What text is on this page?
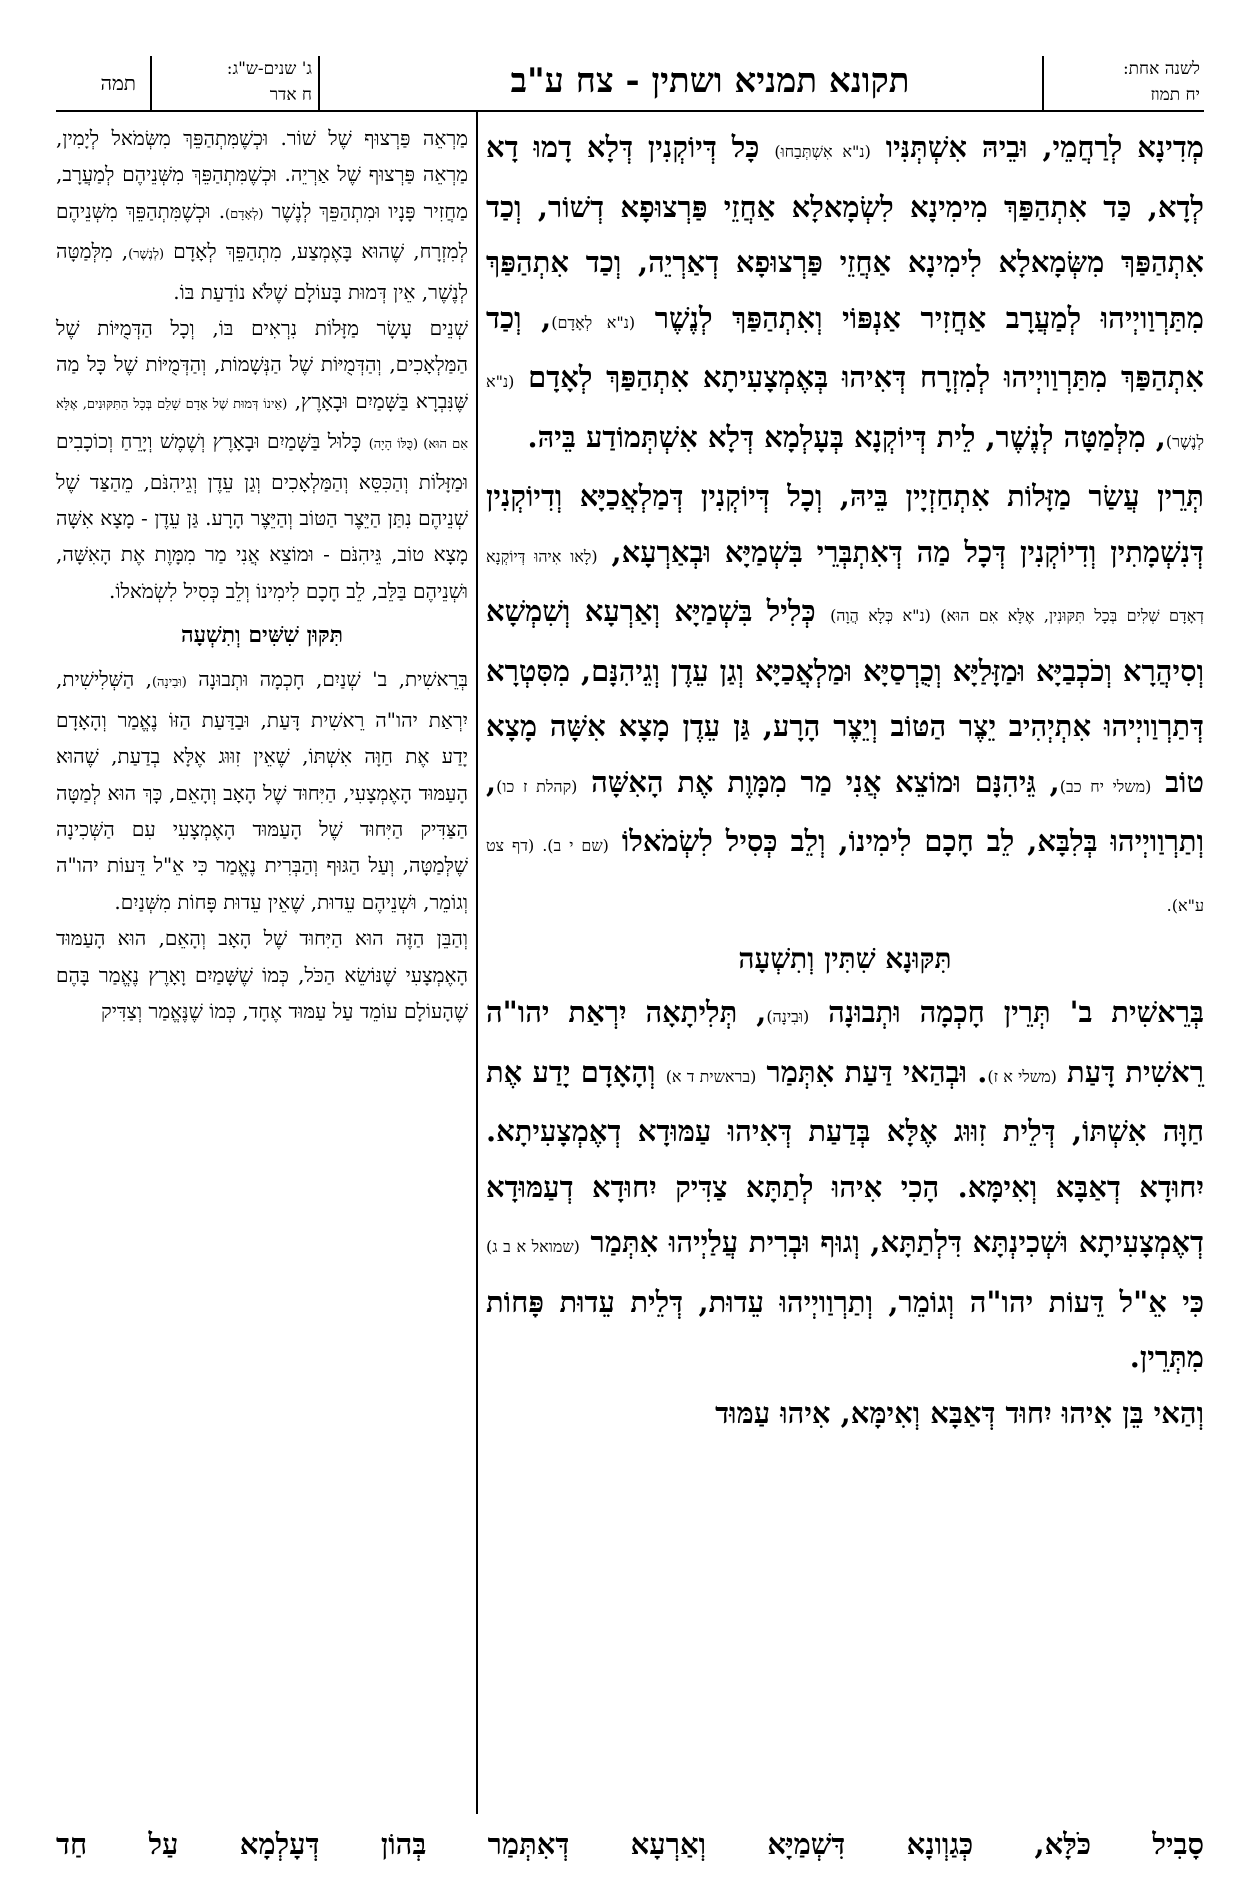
לשנה אחת:
יח תמוז
תקונא תמניא ושתין - צח ע"ב
ג' שנים-ש"ג:
ח אדר
תמה

מְדִינָא לְרַחֲמֵי, וּבֵיהּ אִשְׁתְּנִּיו (נ"א אִשְׁתְּבַחוּ) כָּל דְּיוֹקְנִין דְּלָא דָמוּ דָא לְדָא, כַּד אִתְהַפַּךְ מִימִינָא לִשְׂמָאלָא אַחֲזֵי פַּרְצוּפָא דְשׁוֹר, וְכַד אִתְהַפַּךְ מִשְּׂמָאלָא לִימִינָא אַחֲזֵי פַּרְצוּפָא דְאַרְיֵה, וְכַד אִתְהַפַּךְ מִתַּרְוַויְיהוּ לְמַעֲרָב אַחֲזִיר אַנְפּוֹי וְאִתְהַפַּךְ לְנֶשֶׁר (נ"א לְאָדָם), וְכַד אִתְהַפַּךְ מִתַּרְוַויְיהוּ לְמִזְרָח דְּאִיהוּ בְּאֶמְצָעִיתָא אִתְהַפַּךְ לְאָדָם (נ"א לְנֶשֶׁר), מִלְּמַטָּה לְנֶשֶׁר, לֵית דְּיוֹקְנָא בְּעָלְמָא דְּלָא אִשְׁתְּמוֹדַע בֵּיהּ.

תְּרֵין עֲשַׂר מַזָּלוֹת אִתְחַזְיָין בֵּיהּ, וְכָל דְּיוֹקְנִין דְּמַלְאֲכַיָּא וְדִיוֹקְנִין דְּנִשְׁמָתִין וְדִיוֹקְנִין דְּכָל מַה דְּאִתְבְּרֵי בִּשְׁמַיָּא וּבְאַרְעָא, (לָאו אִיהוּ דְּיוֹקְנָא דְאָדָם שְׁלִים בְּכָל תִּקּוּנִין, אֶלָּא אִם הוּא) (נ"א כְּלָא הֲוָה) כְּלִיל בִּשְׁמַיָּא וְאַרְעָא וְשִׁמְשָׁא וְסִיהֲרָא וְכֹכְבַיָּא וּמַזָּלַיָּא וְכֻרְסַיָּא וּמַלְאֲכַיָּא וְגַן עֵדֶן וְגֵיהִנָּם, מִסִּטְרָא דְּתַרְוַויְיהוּ אִתְיְהִיב יֵצֶר הַטּוֹב וְיֵצֶר הָרָע, גַּן עֵדֶן מָצָא אִשָּׁה מָצָא טוֹב (משלי יח כב), גֵּיהִנָּם וּמוֹצֵא אֲנִי מַר מִמָּוֶת אֶת הָאִשָּׁה (קהלת ז כו), וְתַרְוַויְיהוּ בְּלִבָּא, לֵב חָכָם לִימִינוֹ, וְלֵב כְּסִיל לִשְׂמֹאלוֹ (שם י ב). (דף צט ע"א).

תִּקּוּנָא שִׁתִּין וְתִשְׁעָה

בְּרֵאשִׁית ב' תְּרֵין חָכְמָה וּתְבוּנָה (וּבִינָה), תְּלִיתָאָה יִרְאַת יהו"ה רֵאשִׁית דָּעַת (משלי א ז). וּבְהַאי דַּעַת אִתְּמַר (בראשית ד א) וְהָאָדָם יָדַע אֶת חַוָּה אִשְׁתּוֹ, דְּלֵית זִוּוּג אֶלָּא בְּדַעַת דְּאִיהוּ עַמּוּדָא דְאֶמְצָעִיתָא. יִחוּדָא דְאַבָּא וְאִימָּא. הָכִי אִיהוּ לְתַתָּא צַדִּיק יִחוּדָא דְעַמּוּדָא דְאֶמְצָעִיתָא וּשְׁכִינְתָּא דִּלְתַתָּא, וְגוּף וּבְרִית עֲלַיְיהוּ אִתְּמַר (שמואל א ב ג) כִּי אֵ"ל דֵּעוֹת יהו"ה וְגוֹמֵר, וְתַרְוַויְיהוּ עֵדוּת, דְּלֵית עֵדוּת פָּחוֹת מִתְּרֵין.

וְהַאי בֵּן אִיהוּ יִחוּד דְּאַבָּא וְאִימָּא, אִיהוּ עַמּוּד

מַרְאֵה פַּרְצוּף שֶׁל שׁוֹר. וּכְשֶׁמִּתְהַפֵּךְ מִשְּׂמֹאל לְיָמִין, מַרְאֵה פַּרְצוּף שֶׁל אַרְיֵה. וּכְשֶׁמִּתְהַפֵּךְ מִשְּׁנֵיהֶם לְמַעֲרָב, מַחֲזִיר פָּנָיו וּמִתְהַפֵּךְ לְנֶשֶׁר (לְאָדָם). וּכְשֶׁמִּתְהַפֵּךְ מִשְּׁנֵיהֶם לְמִזְרָח, שֶׁהוּא בָּאֶמְצַע, מִתְהַפֵּךְ לְאָדָם (לְנֶשֶׁר), מִלְּמַטָּה לְנֶשֶׁר, אֵין דְּמוּת בָּעוֹלָם שֶׁלֹּא נוֹדַעַת בּוֹ.

שְׁנֵים עָשָׂר מַזָּלוֹת נִרְאִים בּוֹ, וְכָל הַדְּמֻיּוֹת שֶׁל הַמַּלְאָכִים, וְהַדְּמֻיּוֹת שֶׁל הַנְּשָׁמוֹת, וְהַדְּמֻיּוֹת שֶׁל כָּל מַה שֶּׁנִּבְרָא בַּשָּׁמַיִם וּבָאָרֶץ, (אֵינוֹ דְּמוּת שֶׁל אָדָם שָׁלֵם בְּכָל הַתִּקּוּנִים, אֶלָּא אִם הוּא) (כֻּלּוֹ הָיָה) כָּלוּל בַּשָּׁמַיִם וּבָאָרֶץ וְשֶׁמֶשׁ וְיָרֵחַ וְכוֹכָבִים וּמַזָּלוֹת וְהַכִּסֵּא וְהַמַּלְאָכִים וְגַן עֵדֶן וְגֵיהִנֹּם, מֵהַצַּד שֶׁל שְׁנֵיהֶם נִתַּן הַיֵּצֶר הַטּוֹב וְהַיֵּצֶר הָרָע. גַּן עֵדֶן - מָצָא אִשָּׁה מָצָא טוֹב, גֵּיהִנֹּם - וּמוֹצֵא אֲנִי מַר מִמָּוֶת אֶת הָאִשָּׁה, וּשְׁנֵיהֶם בַּלֵּב, לֵב חָכָם לִימִינוֹ וְלֵב כְּסִיל לִשְׂמֹאלוֹ.

תִּקּוּן שִׁשִּׁים וְתִשְׁעָה

בְּרֵאשִׁית, ב' שְׁנַיִם, חָכְמָה וּתְבוּנָה (וּבִינָה), הַשְּׁלִישִׁית, יִרְאַת יהו"ה רֵאשִׁית דָּעַת, וּבַדַּעַת הַזּוֹ נֶאֱמַר וְהָאָדָם יָדַע אֶת חַוָּה אִשְׁתּוֹ, שֶׁאֵין זִוּוּג אֶלָּא בְדַעַת, שֶׁהוּא הָעַמּוּד הָאֶמְצָעִי, הַיִּחוּד שֶׁל הָאָב וְהָאֵם, כָּךְ הוּא לְמַטָּה הַצַּדִּיק הַיִּחוּד שֶׁל הָעַמּוּד הָאֶמְצָעִי עִם הַשְּׁכִינָה שֶׁלְּמַטָּה, וְעַל הַגּוּף וְהַבְּרִית נֶאֱמַר כִּי אֵ"ל דֵּעוֹת יהו"ה וְגוֹמֵר, וּשְׁנֵיהֶם עֵדוּת, שֶׁאֵין עֵדוּת פָּחוֹת מִשְּׁנַיִם.

וְהַבֵּן הַזֶּה הוּא הַיִּחוּד שֶׁל הָאָב וְהָאֵם, הוּא הָעַמּוּד הָאֶמְצָעִי שֶׁנּוֹשֵׂא הַכֹּל, כְּמוֹ שֶׁשָּׁמַיִם וָאָרֶץ נֶאֱמַר בָּהֶם שֶׁהָעוֹלָם עוֹמֵד עַל עַמּוּד אֶחָד, כְּמוֹ שֶׁנֶּאֱמַר וְצַדִּיק

סָבִיל כֹּלָּא, כְּגַוְונָא דִּשְׁמַיָּא וְאַרְעָא דְּאִתְּמַר בְּהוֹן דְּעָלְמָא עַל חַד
